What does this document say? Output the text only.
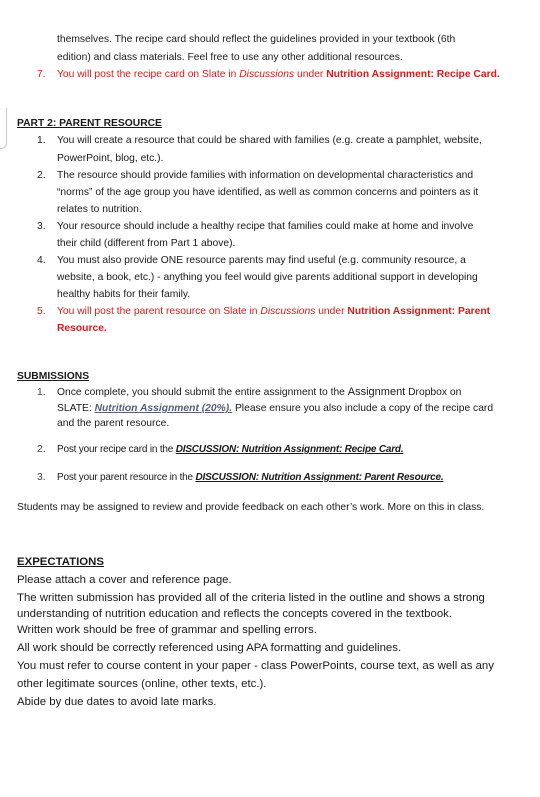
themselves. The recipe card should reflect the guidelines provided in your textbook (6th
edition) and class materials. Feel free to use any other additional resources.
7. You will post the recipe card on Slate in Discussions under Nutrition Assignment: Recipe Card.
PART 2: PARENT RESOURCE
1. You will create a resource that could be shared with families (e.g. create a pamphlet, website,
PowerPoint, blog, etc.).
2. The resource should provide families with information on developmental characteristics and
“norms” of the age group you have identified, as well as common concerns and pointers as it
relates to nutrition.
3. Your resource should include a healthy recipe that families could make at home and involve
their child (different from Part 1 above).
4. You must also provide ONE resource parents may find useful (e.g. community resource, a
website, a book, etc.) - anything you feel would give parents additional support in developing
healthy habits for their family.
5. You will post the parent resource on Slate in Discussions under Nutrition Assignment: Parent
Resource.
SUBMISSIONS
1. Once complete, you should submit the entire assignment to the Assignment Dropbox on
SLATE: Nutrition Assignment (20%). Please ensure you also include a copy of the recipe card
and the parent resource.
2. Post your recipe card in the DISCUSSION: Nutrition Assignment: Recipe Card.
3. Post your parent resource in the DISCUSSION: Nutrition Assignment: Parent Resource.
Students may be assigned to review and provide feedback on each other’s work. More on this in class.
EXPECTATIONS
Please attach a cover and reference page.
The written submission has provided all of the criteria listed in the outline and shows a strong
understanding of nutrition education and reflects the concepts covered in the textbook.
Written work should be free of grammar and spelling errors.
All work should be correctly referenced using APA formatting and guidelines.
You must refer to course content in your paper - class PowerPoints, course text, as well as any
other legitimate sources (online, other texts, etc.).
Abide by due dates to avoid late marks.
